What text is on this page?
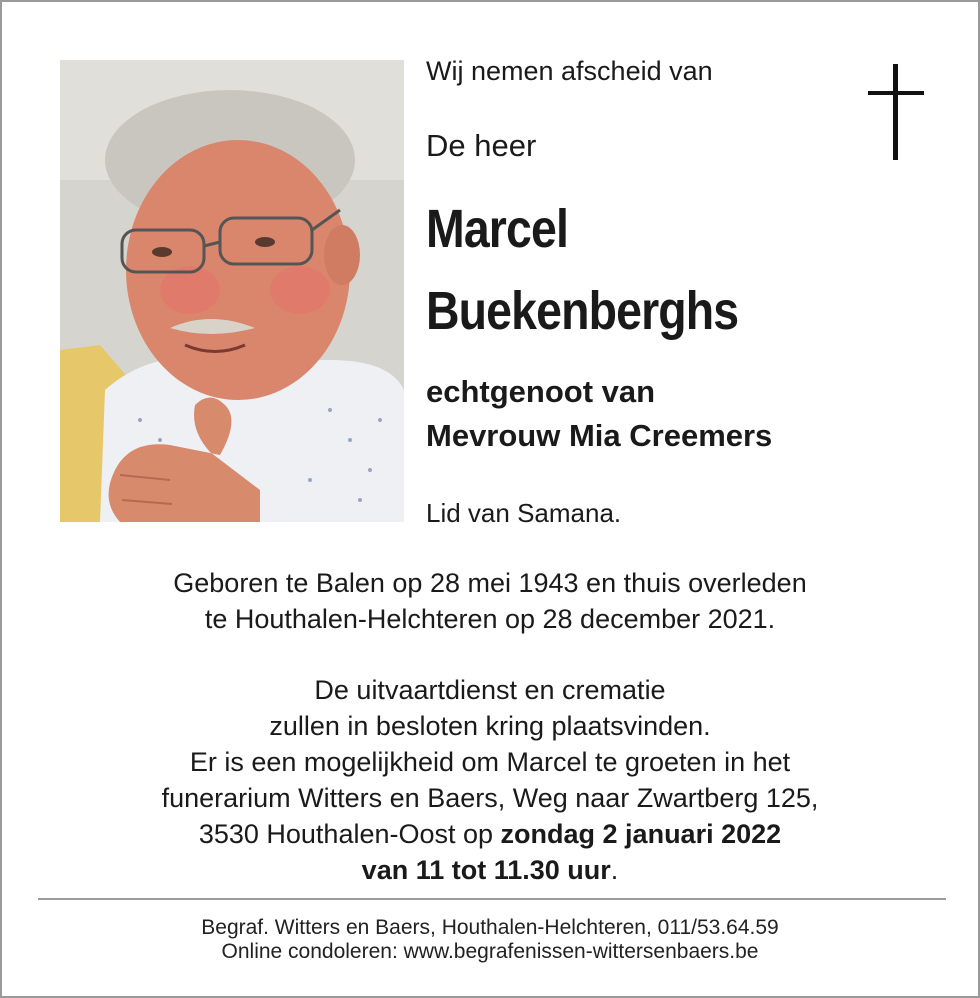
Wij nemen afscheid van
De heer
Marcel
Buekenberghs
echtgenoot van
Mevrouw Mia Creemers
Lid van Samana.
Geboren te Balen op 28 mei 1943 en thuis overleden
te Houthalen-Helchteren op 28 december 2021.
De uitvaartdienst en crematie
zullen in besloten kring plaatsvinden.
Er is een mogelijkheid om Marcel te groeten in het
funerarium Witters en Baers, Weg naar Zwartberg 125,
3530 Houthalen-Oost op zondag 2 januari 2022
van 11 tot 11.30 uur.
Begraf. Witters en Baers, Houthalen-Helchteren, 011/53.64.59
Online condoleren: www.begrafenissen-wittersenbaers.be
